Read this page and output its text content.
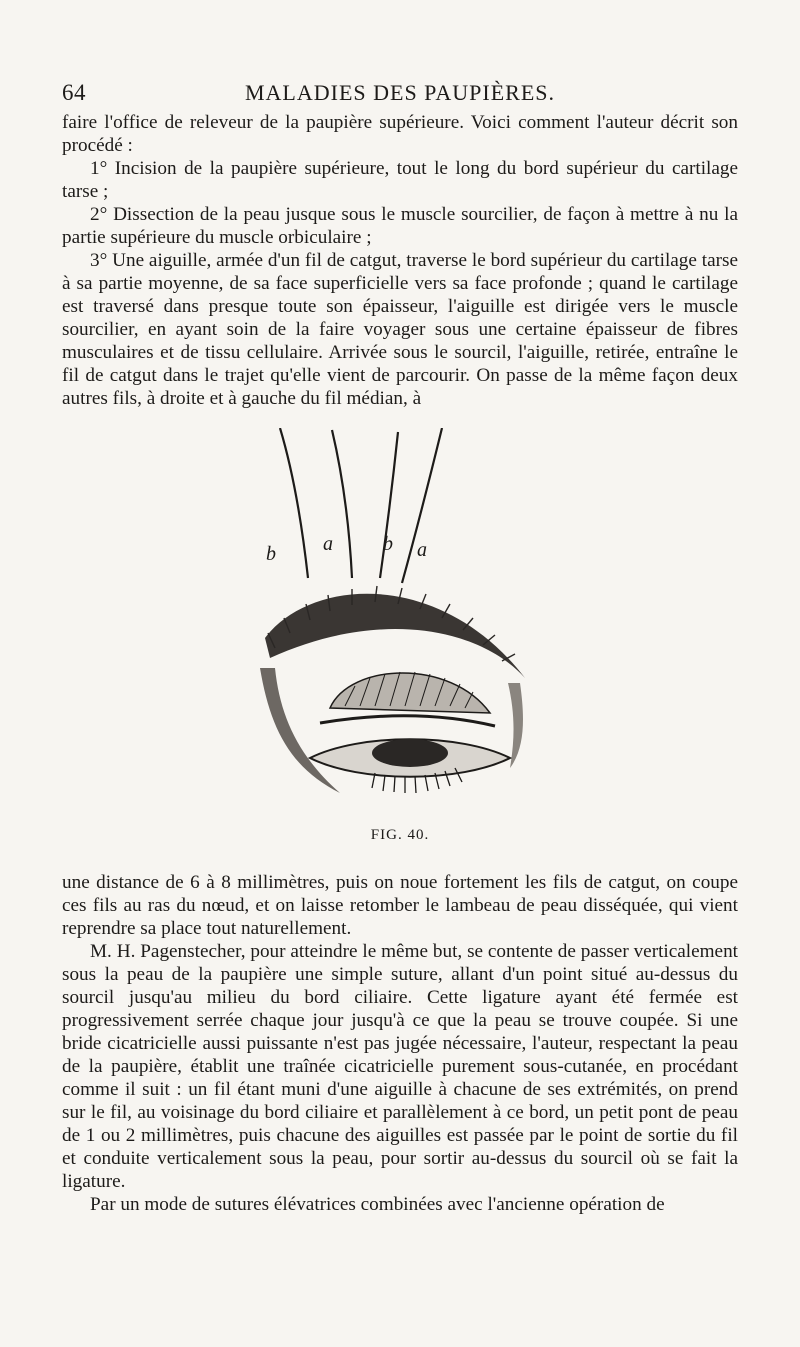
64	MALADIES DES PAUPIÈRES.

faire l'office de releveur de la paupière supérieure. Voici comment l'auteur décrit son procédé :

1° Incision de la paupière supérieure, tout le long du bord supérieur du cartilage tarse ;

2° Dissection de la peau jusque sous le muscle sourcilier, de façon à mettre à nu la partie supérieure du muscle orbiculaire ;

3° Une aiguille, armée d'un fil de catgut, traverse le bord supérieur du cartilage tarse à sa partie moyenne, de sa face superficielle vers sa face profonde ; quand le cartilage est traversé dans presque toute son épaisseur, l'aiguille est dirigée vers le muscle sourcilier, en ayant soin de la faire voyager sous une certaine épaisseur de fibres musculaires et de tissu cellulaire. Arrivée sous le sourcil, l'aiguille, retirée, entraîne le fil de catgut dans le trajet qu'elle vient de parcourir. On passe de la même façon deux autres fils, à droite et à gauche du fil médian, à

b a	b a
FIG. 40.

une distance de 6 à 8 millimètres, puis on noue fortement les fils de catgut, on coupe ces fils au ras du nœud, et on laisse retomber le lambeau de peau disséquée, qui vient reprendre sa place tout naturellement.

M. H. Pagenstecher, pour atteindre le même but, se contente de passer verticalement sous la peau de la paupière une simple suture, allant d'un point situé au-dessus du sourcil jusqu'au milieu du bord ciliaire. Cette ligature ayant été fermée est progressivement serrée chaque jour jusqu'à ce que la peau se trouve coupée. Si une bride cicatricielle aussi puissante n'est pas jugée nécessaire, l'auteur, respectant la peau de la paupière, établit une traînée cicatricielle purement sous-cutanée, en procédant comme il suit : un fil étant muni d'une aiguille à chacune de ses extrémités, on prend sur le fil, au voisinage du bord ciliaire et parallèlement à ce bord, un petit pont de peau de 1 ou 2 millimètres, puis chacune des aiguilles est passée par le point de sortie du fil et conduite verticalement sous la peau, pour sortir au-dessus du sourcil où se fait la ligature.

Par un mode de sutures élévatrices combinées avec l'ancienne opération de
